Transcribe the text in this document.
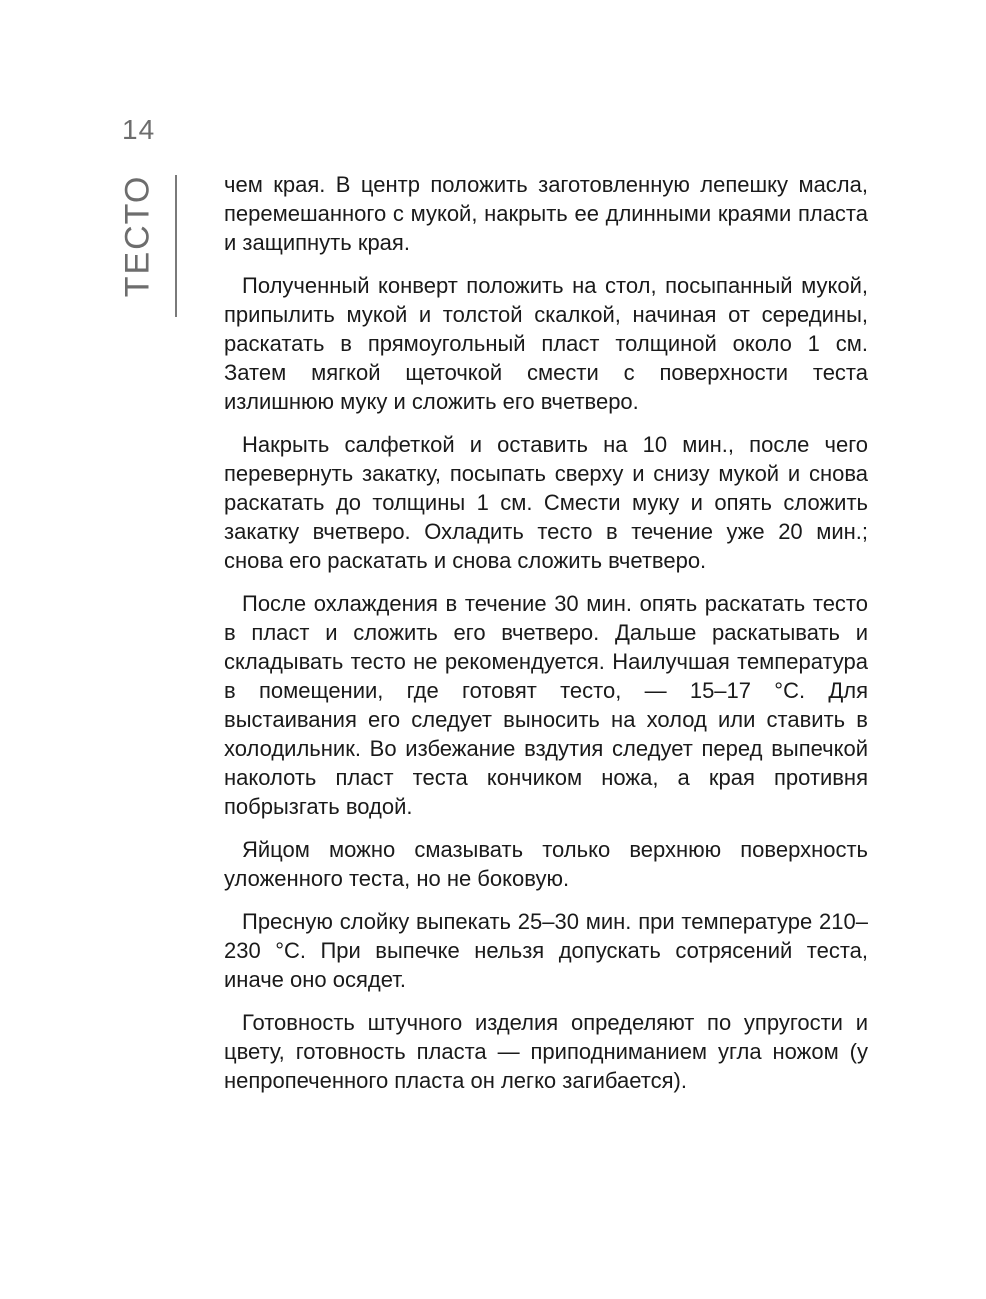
14
ТЕСТО	чем края. В центр положить заготовленную лепешку масла, перемешанного с мукой, накрыть ее длинными краями пласта и защипнуть края.

Полученный конверт положить на стол, посыпанный мукой, припылить мукой и толстой скалкой, начиная от середины, раскатать в прямоугольный пласт толщиной около 1 см. Затем мягкой щеточкой смести с поверхности теста излишнюю муку и сложить его вчетверо.

Накрыть салфеткой и оставить на 10 мин., после чего перевернуть закатку, посыпать сверху и снизу мукой и снова раскатать до толщины 1 см. Смести муку и опять сложить закатку вчетверо. Охладить тесто в течение уже 20 мин.; снова его раскатать и снова сложить вчетверо.

После охлаждения в течение 30 мин. опять раскатать тесто в пласт и сложить его вчетверо. Дальше раскатывать и складывать тесто не рекомендуется. Наилучшая температура в помещении, где готовят тесто, — 15–17 °С. Для выстаивания его следует выносить на холод или ставить в холодильник. Во избежание вздутия следует перед выпечкой наколоть пласт теста кончиком ножа, а края противня побрызгать водой.

Яйцом можно смазывать только верхнюю поверхность уложенного теста, но не боковую.

Пресную слойку выпекать 25–30 мин. при температуре 210–230 °С. При выпечке нельзя допускать сотрясений теста, иначе оно осядет.

Готовность штучного изделия определяют по упругости и цвету, готовность пласта — приподниманием угла ножом (у непропеченного пласта он легко загибается).
